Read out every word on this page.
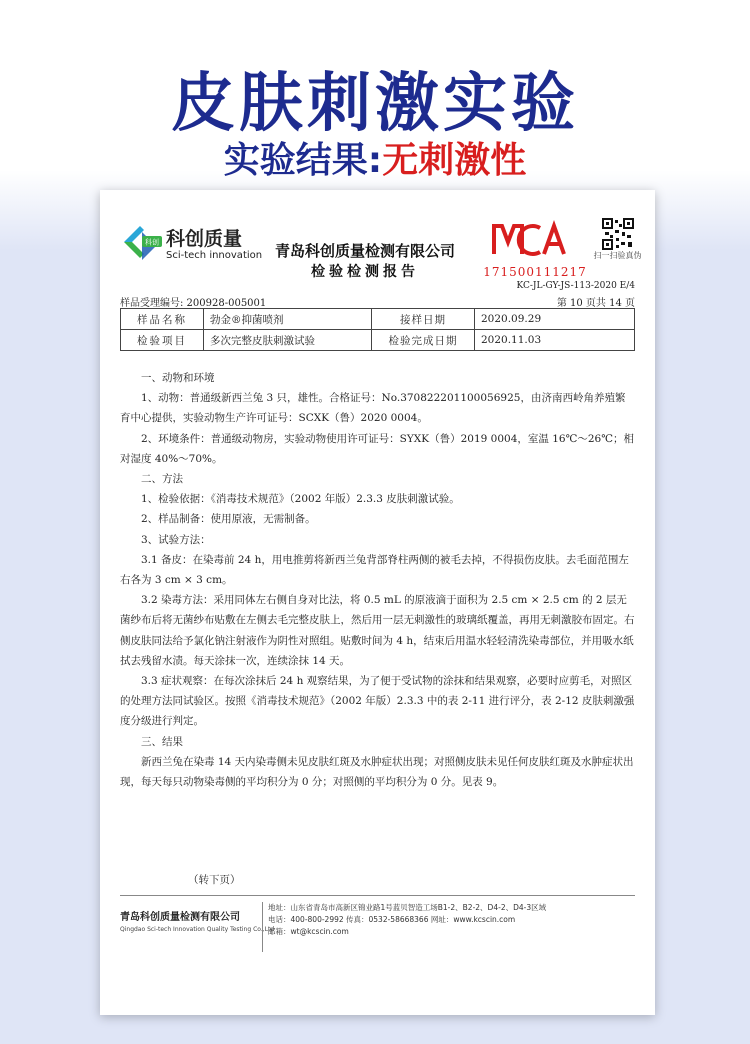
皮肤刺激实验
实验结果:无刺激性
科创 科创质量
Sci-tech innovation 青岛科创质量检测有限公司
检验检测报告	171500111217
扫一扫验真伪
KC-JL-GY-JS-113-2020 E/4
样品受理编号: 200928-005001	第 10 页共 14 页
样品名称	勃金®抑菌喷剂	接样日期	2020.09.29
检验项目	多次完整皮肤刺激试验	检验完成日期	2020.11.03

一、动物和环境

1、动物：普通级新西兰兔 3 只，雄性。合格证号：No.37082220110005692​5，由济南西岭角养殖繁育中心提供，实验动物生产许可证号：SCXK（鲁）2020 0004。

2、环境条件：普通级动物房，实验动物使用许可证号：SYXK（鲁）2019 0004，室温 16℃～26℃；相对湿度 40%～70%。

二、方法

1、检验依据：《消毒技术规范》（2002 年版）2.3.3 皮肤刺激试验。

2、样品制备：使用原液，无需制备。

3、试验方法：

3.1 备皮：在染毒前 24 h，用电推剪将新西兰兔背部脊柱两侧的被毛去掉，不得损伤皮肤。去毛面范围左右各为 3 cm × 3 cm。

3.2 染毒方法：采用同体左右侧自身对比法，将 0.5 mL 的原液滴于面积为 2.5 cm × 2.5 cm 的 2 层无菌纱布后将无菌纱布贴敷在左侧去毛完整皮肤上，然后用一层无刺激性的玻璃纸覆盖，再用无刺激胶布固定。右侧皮肤同法给予氯化钠注射液作为阴性对照组。贴敷时间为 4 h，结束后用温水轻轻清洗染毒部位，并用吸水纸拭去残留水渍。每天涂抹一次，连续涂抹 14 天。

3.3 症状观察：在每次涂抹后 24 h 观察结果，为了便于受试物的涂抹和结果观察，必要时应剪毛，对照区的处理方法同试验区。按照《消毒技术规范》（2002 年版）2.3.3 中的表 2-11 进行评分，表 2-12 皮肤刺激强度分级进行判定。

三、结果

新西兰兔在染毒 14 天内染毒侧未见皮肤红斑及水肿症状出现；对照侧皮肤未见任何皮肤红斑及水肿症状出现，每天每只动物染毒侧的平均积分为 0 分；对照侧的平均积分为 0 分。见表 9。

（转下页）
青岛科创质量检测有限公司
Qingdao Sci-tech Innovation Quality Testing Co.,Ltd
地址：山东省青岛市高新区锦业路1号蓝贝智造工场B1-2、B2-2、D4-2、D4-3区域
电话：400-800-2992 传真：0532-58668366 网址：www.kcscin.com
邮箱：wt@kcscin.com
